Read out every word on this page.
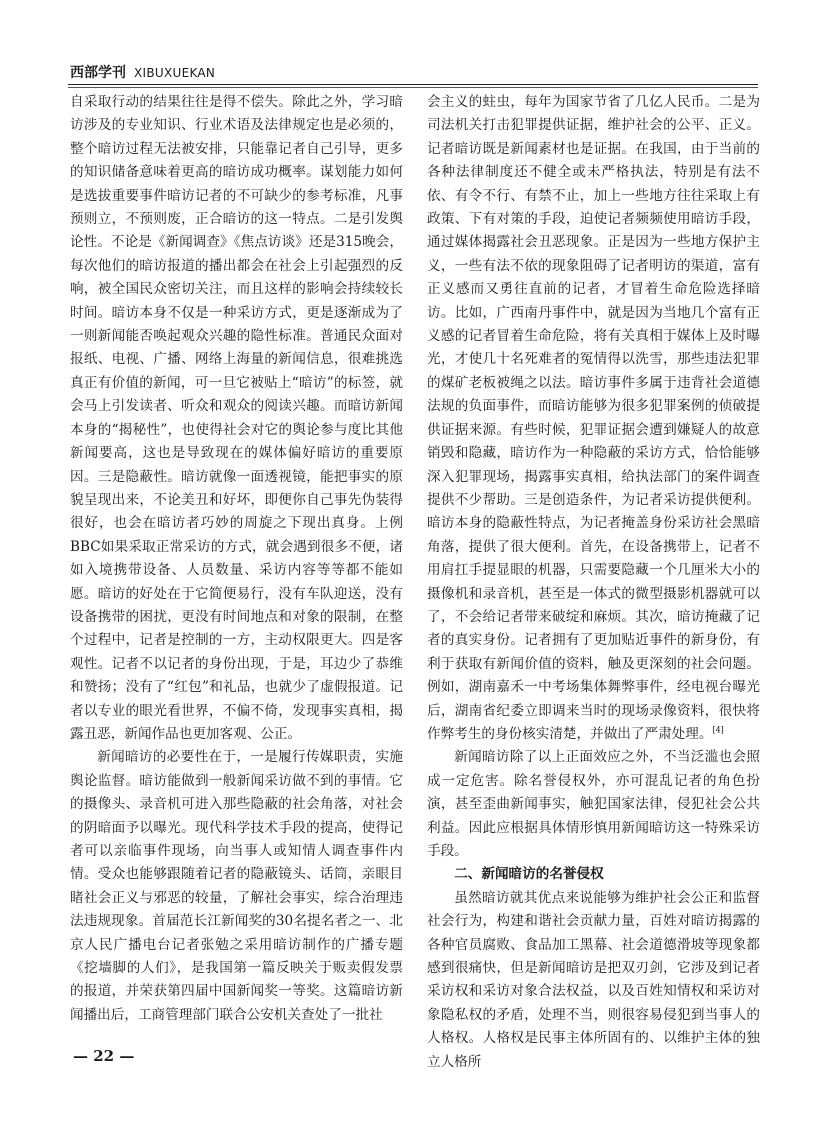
西部学刊 XIBUXUEKAN

自采取行动的结果往往是得不偿失。除此之外，学习暗访涉及的专业知识、行业术语及法律规定也是必须的，整个暗访过程无法被安排，只能靠记者自己引导，更多的知识储备意味着更高的暗访成功概率。谋划能力如何是选拔重要事件暗访记者的不可缺少的参考标准，凡事预则立，不预则废，正合暗访的这一特点。二是引发舆论性。不论是《新闻调查》《焦点访谈》还是315晚会，每次他们的暗访报道的播出都会在社会上引起强烈的反响，被全国民众密切关注，而且这样的影响会持续较长时间。暗访本身不仅是一种采访方式，更是逐渐成为了一则新闻能否唤起观众兴趣的隐性标准。普通民众面对报纸、电视、广播、网络上海量的新闻信息，很难挑选真正有价值的新闻，可一旦它被贴上“暗访”的标签，就会马上引发读者、听众和观众的阅读兴趣。而暗访新闻本身的“揭秘性”，也使得社会对它的舆论参与度比其他新闻要高，这也是导致现在的媒体偏好暗访的重要原因。三是隐蔽性。暗访就像一面透视镜，能把事实的原貌呈现出来，不论美丑和好坏，即便你自己事先伪装得很好，也会在暗访者巧妙的周旋之下现出真身。上例BBC如果采取正常采访的方式，就会遇到很多不便，诸如入境携带设备、人员数量、采访内容等等都不能如愿。暗访的好处在于它简便易行，没有车队迎送，没有设备携带的困扰，更没有时间地点和对象的限制，在整个过程中，记者是控制的一方，主动权限更大。四是客观性。记者不以记者的身份出现，于是，耳边少了恭维和赞扬；没有了“红包”和礼品，也就少了虚假报道。记者以专业的眼光看世界，不偏不倚，发现事实真相，揭露丑恶，新闻作品也更加客观、公正。

新闻暗访的必要性在于，一是履行传媒职责，实施舆论监督。暗访能做到一般新闻采访做不到的事情。它的摄像头、录音机可进入那些隐蔽的社会角落，对社会的阴暗面予以曝光。现代科学技术手段的提高，使得记者可以亲临事件现场，向当事人或知情人调查事件内情。受众也能够跟随着记者的隐蔽镜头、话筒，亲眼目睹社会正义与邪恶的较量，了解社会事实，综合治理违法违规现象。首届范长江新闻奖的30名提名者之一、北京人民广播电台记者张勉之采用暗访制作的广播专题《挖墙脚的人们》，是我国第一篇反映关于贩卖假发票的报道，并荣获第四届中国新闻奖一等奖。这篇暗访新闻播出后，工商管理部门联合公安机关查处了一批社

会主义的蛀虫，每年为国家节省了几亿人民币。二是为司法机关打击犯罪提供证据，维护社会的公平、正义。记者暗访既是新闻素材也是证据。在我国，由于当前的各种法律制度还不健全或未严格执法，特别是有法不依、有令不行、有禁不止，加上一些地方往往采取上有政策、下有对策的手段，迫使记者频频使用暗访手段，通过媒体揭露社会丑恶现象。正是因为一些地方保护主义，一些有法不依的现象阻碍了记者明访的渠道，富有正义感而又勇往直前的记者，才冒着生命危险选择暗访。比如，广西南丹事件中，就是因为当地几个富有正义感的记者冒着生命危险，将有关真相于媒体上及时曝光，才使几十名死难者的冤情得以洗雪，那些违法犯罪的煤矿老板被绳之以法。暗访事件多属于违背社会道德法规的负面事件，而暗访能够为很多犯罪案例的侦破提供证据来源。有些时候，犯罪证据会遭到嫌疑人的故意销毁和隐藏，暗访作为一种隐蔽的采访方式，恰恰能够深入犯罪现场，揭露事实真相，给执法部门的案件调查提供不少帮助。三是创造条件，为记者采访提供便利。暗访本身的隐蔽性特点，为记者掩盖身份采访社会黑暗角落，提供了很大便利。首先，在设备携带上，记者不用肩扛手提显眼的机器，只需要隐藏一个几厘米大小的摄像机和录音机，甚至是一体式的微型摄影机器就可以了，不会给记者带来破绽和麻烦。其次，暗访掩藏了记者的真实身份。记者拥有了更加贴近事件的新身份，有利于获取有新闻价值的资料，触及更深刻的社会问题。例如，湖南嘉禾一中考场集体舞弊事件，经电视台曝光后，湖南省纪委立即调来当时的现场录像资料，很快将作弊考生的身份核实清楚，并做出了严肃处理。[4]

新闻暗访除了以上正面效应之外，不当泛滥也会照成一定危害。除名誉侵权外，亦可混乱记者的角色扮演，甚至歪曲新闻事实，触犯国家法律，侵犯社会公共利益。因此应根据具体情形慎用新闻暗访这一特殊采访手段。

二、新闻暗访的名誉侵权

虽然暗访就其优点来说能够为维护社会公正和监督社会行为，构建和谐社会贡献力量，百姓对暗访揭露的各种官员腐败、食品加工黑幕、社会道德滑坡等现象都感到很痛快，但是新闻暗访是把双刃剑，它涉及到记者采访权和采访对象合法权益，以及百姓知情权和采访对象隐私权的矛盾，处理不当，则很容易侵犯到当事人的人格权。人格权是民事主体所固有的、以维护主体的独立人格所

— 22 —
